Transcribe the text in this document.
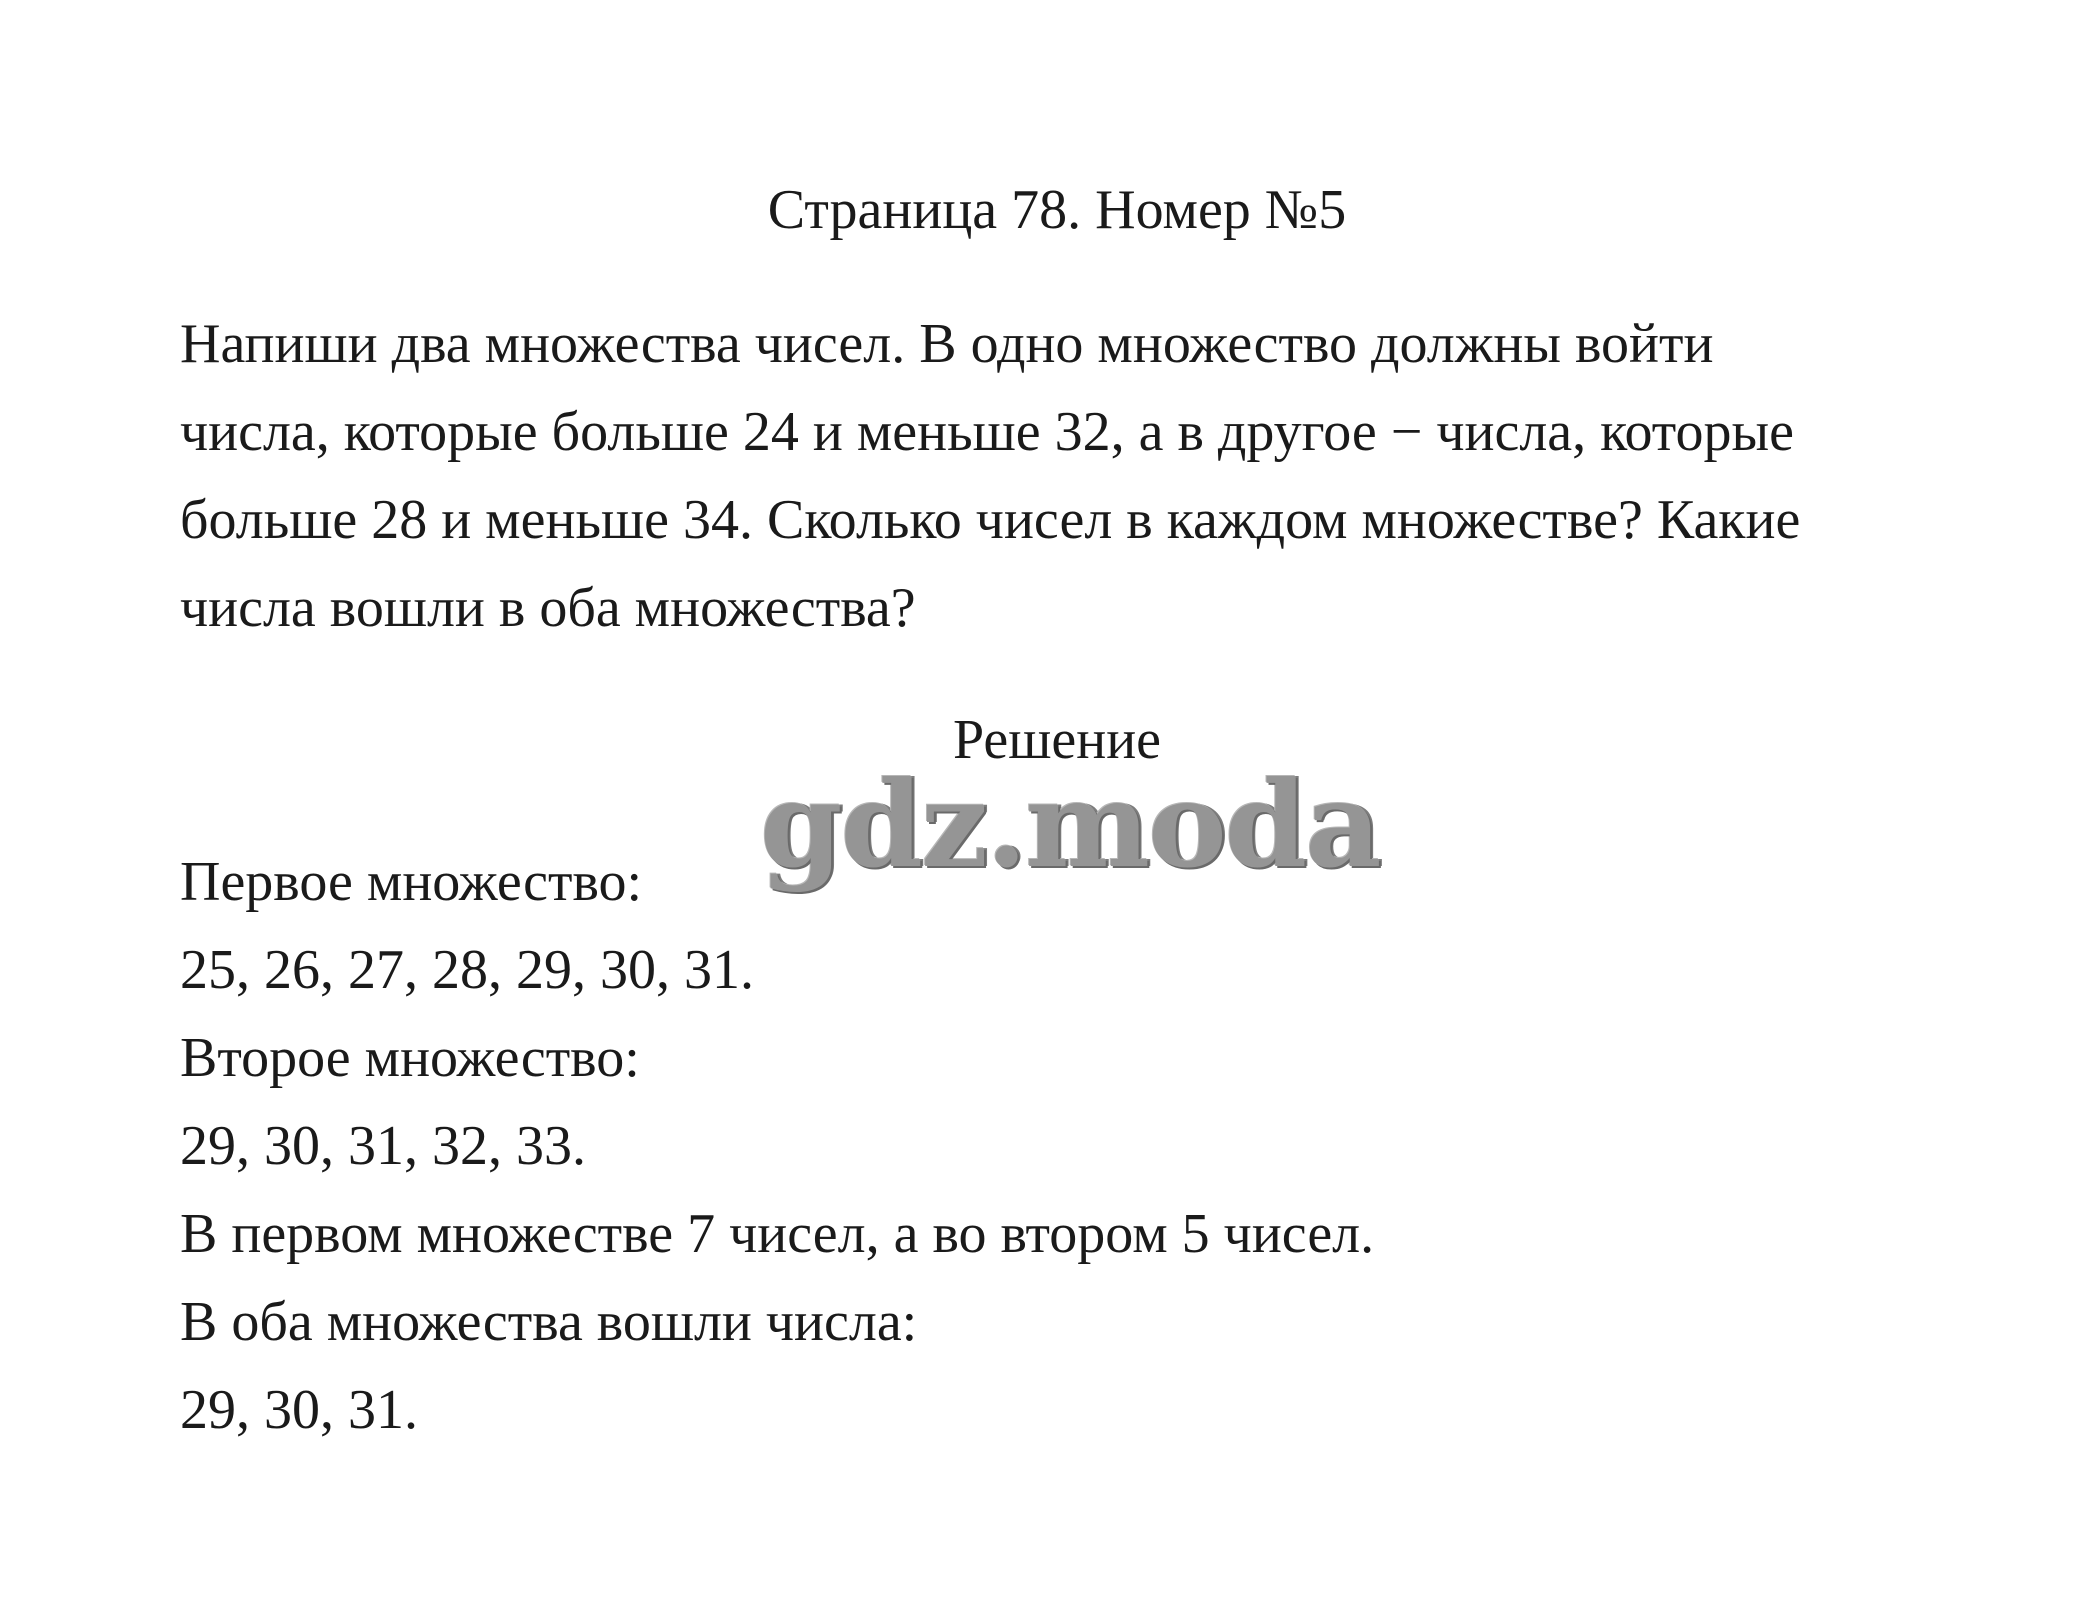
Страница 78. Номер №5
Напиши два множества чисел. В одно множество должны войти
числа, которые больше 24 и меньше 32, а в другое − числа, которые
больше 28 и меньше 34. Сколько чисел в каждом множестве? Какие
числа вошли в оба множества?
Решение
gdz.moda
Первое множество:
25, 26, 27, 28, 29, 30, 31.
Второе множество:
29, 30, 31, 32, 33.
В первом множестве 7 чисел, а во втором 5 чисел.
В оба множества вошли числа:
29, 30, 31.
